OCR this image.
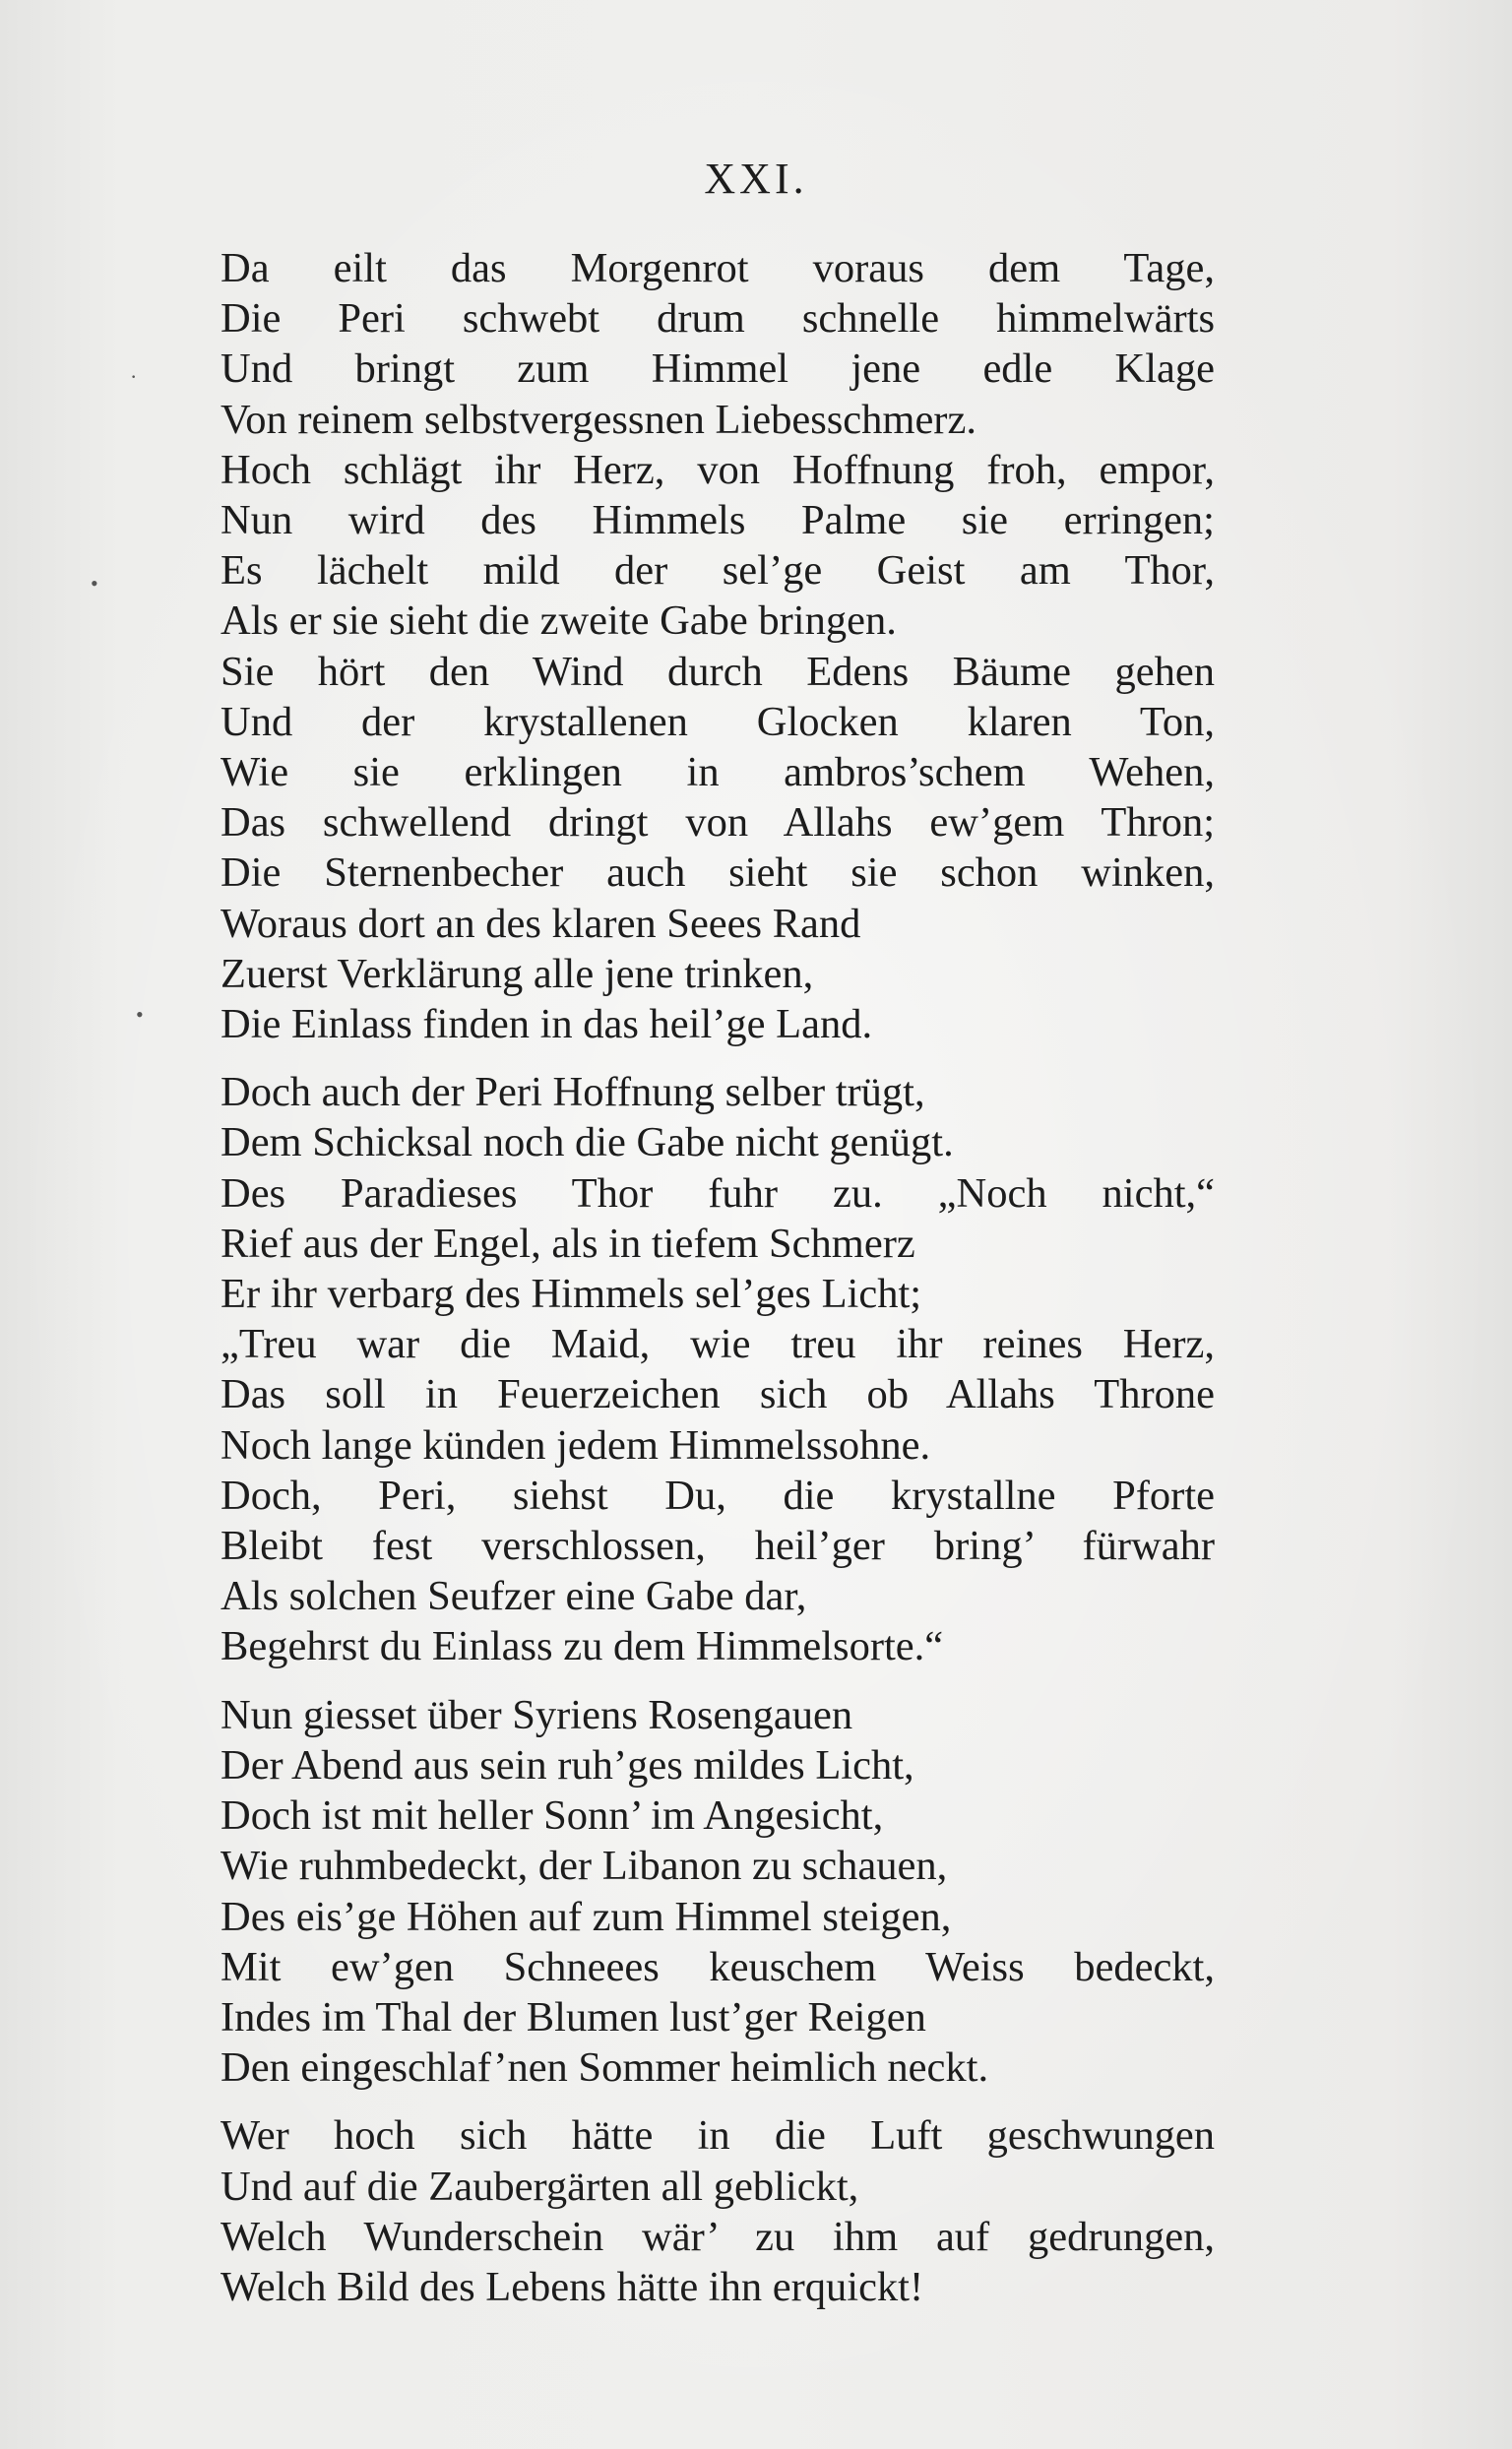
XXI.
·
•
•
Da eilt das Morgenrot voraus dem Tage,
Die Peri schwebt drum schnelle himmelwärts
Und bringt zum Himmel jene edle Klage
Von reinem selbstvergessnen Liebesschmerz.
Hoch schlägt ihr Herz, von Hoffnung froh, empor,
Nun wird des Himmels Palme sie erringen;
Es lächelt mild der sel’ge Geist am Thor,
Als er sie sieht die zweite Gabe bringen.
Sie hört den Wind durch Edens Bäume gehen
Und der krystallenen Glocken klaren Ton,
Wie sie erklingen in ambros’schem Wehen,
Das schwellend dringt von Allahs ew’gem Thron;
Die Sternenbecher auch sieht sie schon winken,
Woraus dort an des klaren Seees Rand
Zuerst Verklärung alle jene trinken,
Die Einlass finden in das heil’ge Land.
Doch auch der Peri Hoffnung selber trügt,
Dem Schicksal noch die Gabe nicht genügt.
Des Paradieses Thor fuhr zu. „Noch nicht,“
Rief aus der Engel, als in tiefem Schmerz
Er ihr verbarg des Himmels sel’ges Licht;
„Treu war die Maid, wie treu ihr reines Herz,
Das soll in Feuerzeichen sich ob Allahs Throne
Noch lange künden jedem Himmelssohne.
Doch, Peri, siehst Du, die krystallne Pforte
Bleibt fest verschlossen, heil’ger bring’ fürwahr
Als solchen Seufzer eine Gabe dar,
Begehrst du Einlass zu dem Himmelsorte.“
Nun giesset über Syriens Rosengauen
Der Abend aus sein ruh’ges mildes Licht,
Doch ist mit heller Sonn’ im Angesicht,
Wie ruhmbedeckt, der Libanon zu schauen,
Des eis’ge Höhen auf zum Himmel steigen,
Mit ew’gen Schneees keuschem Weiss bedeckt,
Indes im Thal der Blumen lust’ger Reigen
Den eingeschlaf’nen Sommer heimlich neckt.
Wer hoch sich hätte in die Luft geschwungen
Und auf die Zaubergärten all geblickt,
Welch Wunderschein wär’ zu ihm auf gedrungen,
Welch Bild des Lebens hätte ihn erquickt!
